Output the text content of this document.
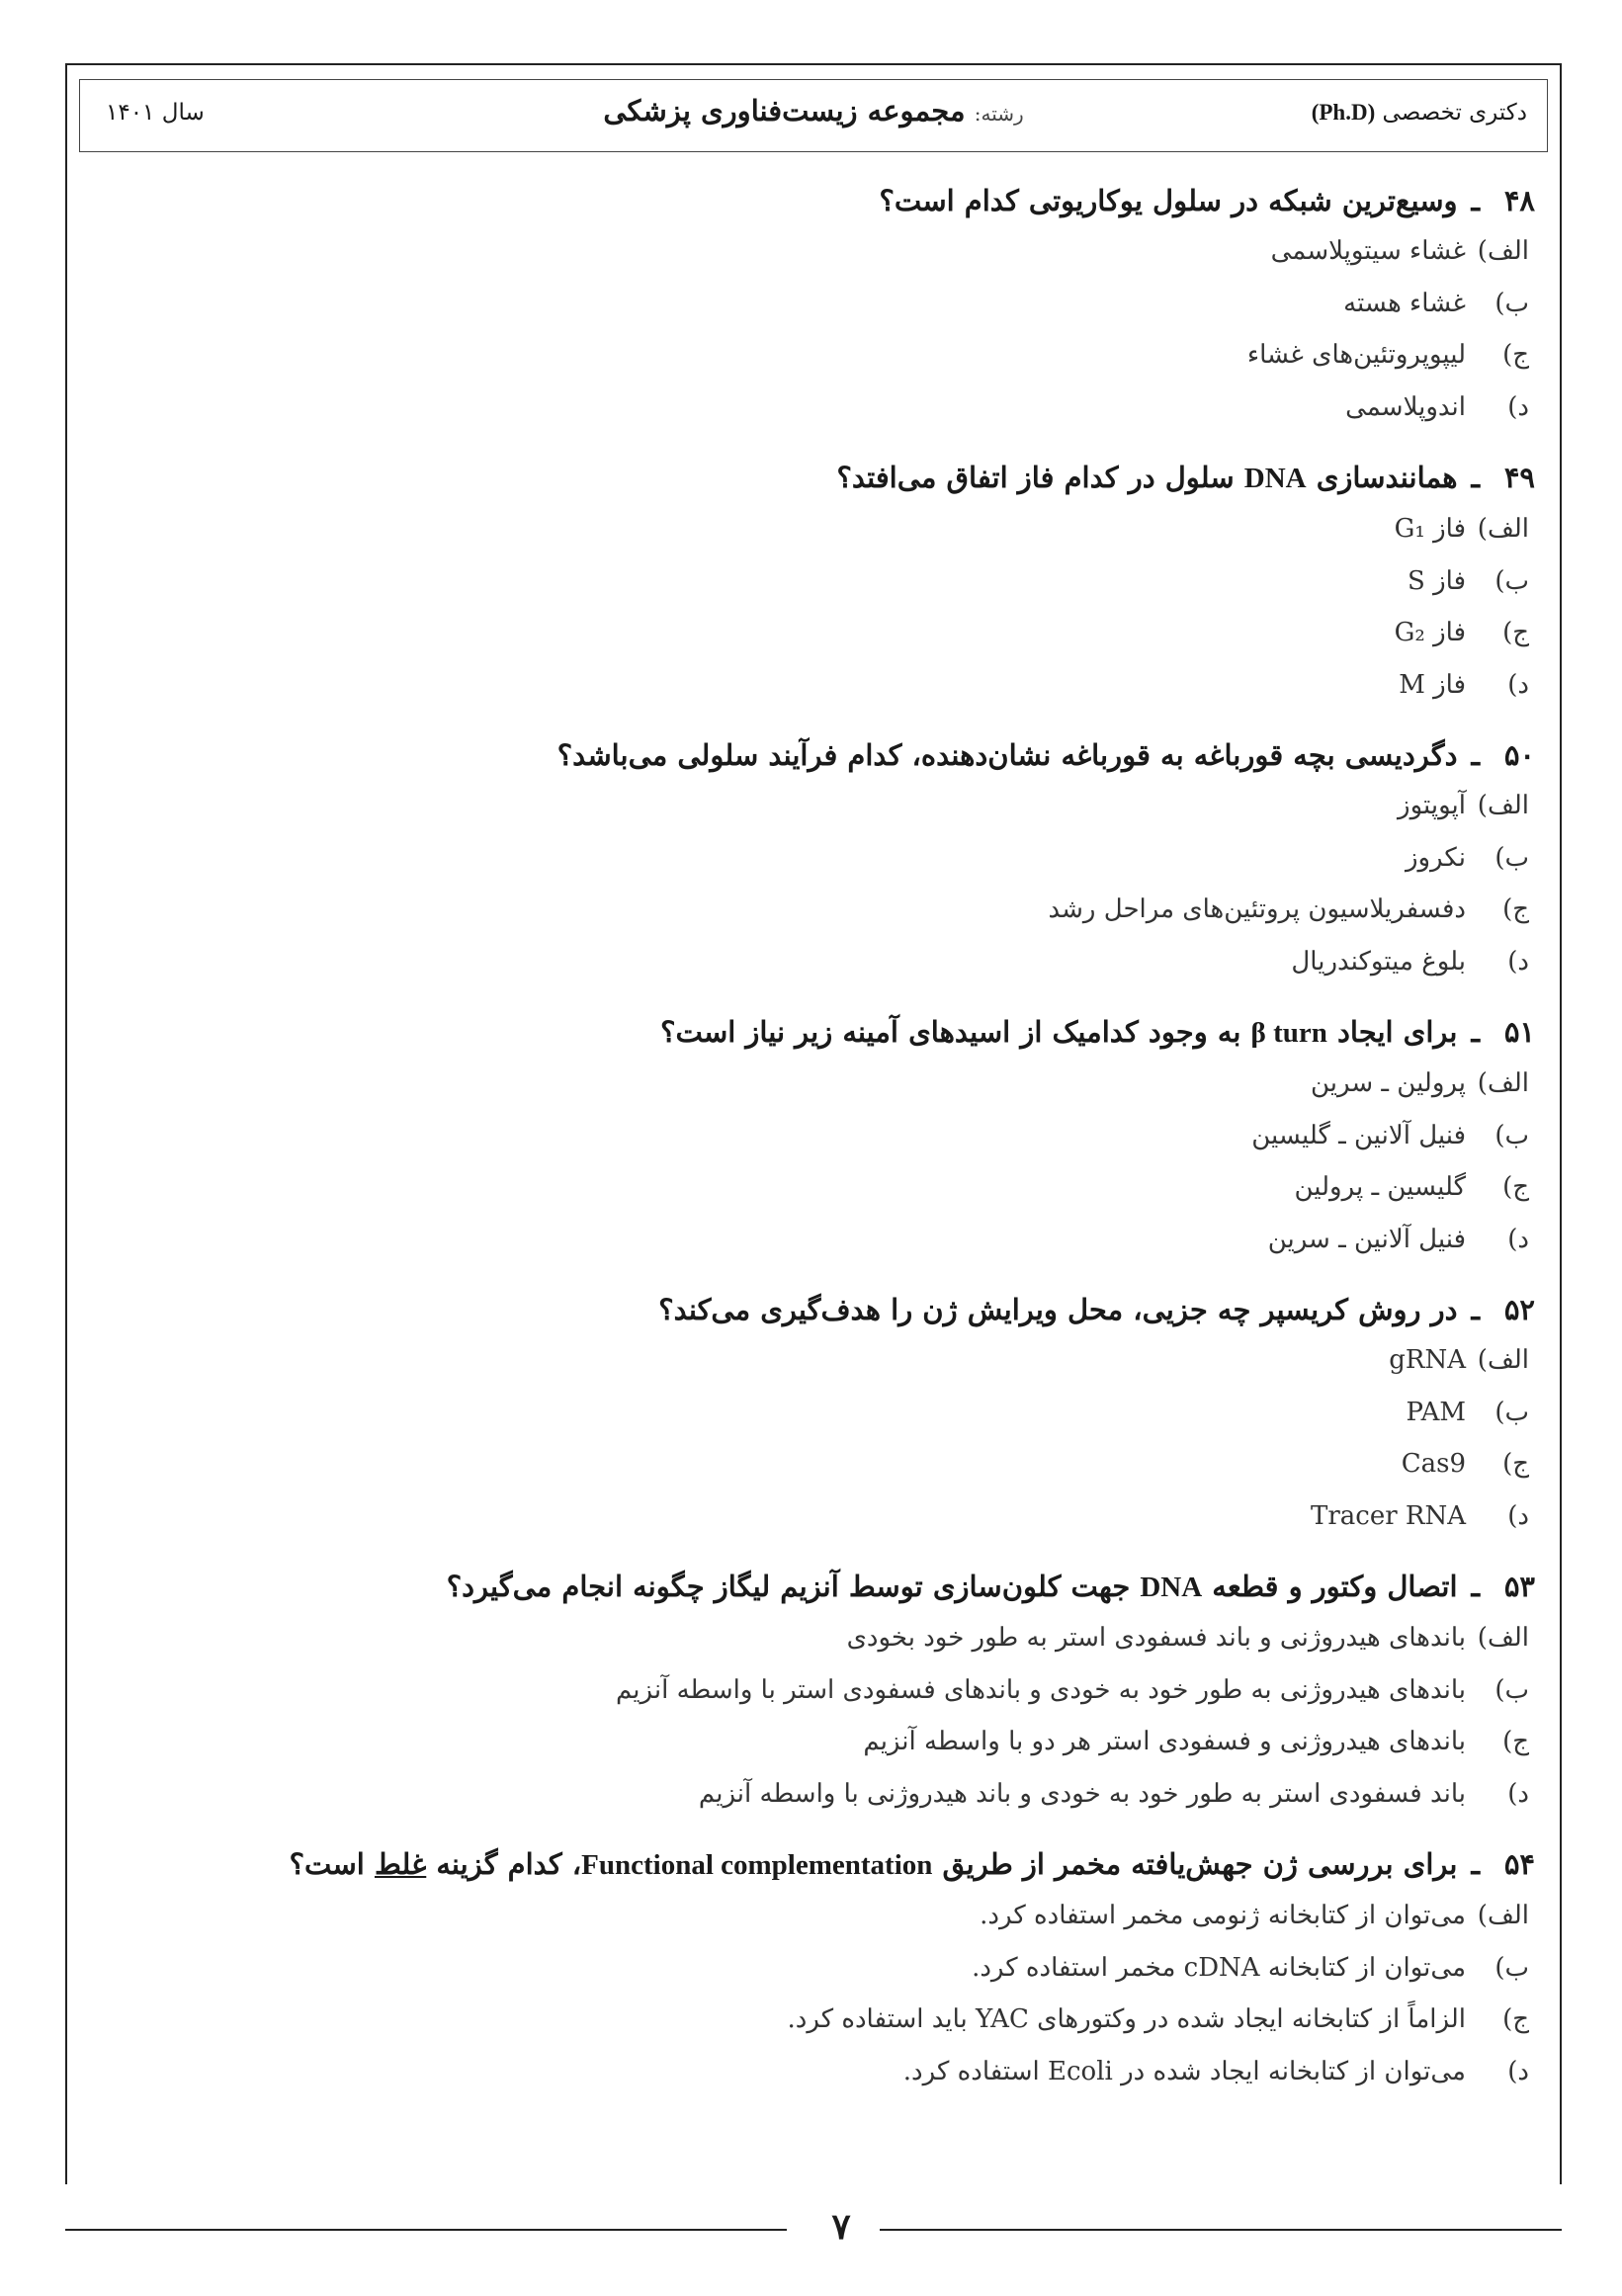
دکتری تخصصی (Ph.D)
رشته: مجموعه زیست‌فناوری پزشکی
سال ۱۴۰۱
۴۸ـوسیع‌ترین شبکه در سلول یوکاریوتی کدام است؟
الف)غشاء سیتوپلاسمی
ب)غشاء هسته
ج)لیپوپروتئین‌های غشاء
د)اندوپلاسمی
۴۹ـهمانندسازی DNA سلول در کدام فاز اتفاق می‌افتد؟
الف)فاز G₁
ب)فاز S
ج)فاز G₂
د)فاز M
۵۰ـدگردیسی بچه قورباغه به قورباغه نشان‌دهنده، کدام فرآیند سلولی می‌باشد؟
الف)آپوپتوز
ب)نکروز
ج)دفسفریلاسیون پروتئین‌های مراحل رشد
د)بلوغ میتوکندریال
۵۱ـبرای ایجاد β turn به وجود کدامیک از اسیدهای آمینه زیر نیاز است؟
الف)پرولین ـ سرین
ب)فنیل آلانین ـ گلیسین
ج)گلیسین ـ پرولین
د)فنیل آلانین ـ سرین
۵۲ـدر روش کریسپر چه جزیی، محل ویرایش ژن را هدف‌گیری می‌کند؟
الف)gRNA
ب)PAM
ج)Cas9
د)Tracer RNA
۵۳ـاتصال وکتور و قطعه DNA جهت کلون‌سازی توسط آنزیم لیگاز چگونه انجام می‌گیرد؟
الف)باندهای هیدروژنی و باند فسفودی استر به طور خود بخودی
ب)باندهای هیدروژنی به طور خود به خودی و باندهای فسفودی استر با واسطه آنزیم
ج)باندهای هیدروژنی و فسفودی استر هر دو با واسطه آنزیم
د)باند فسفودی استر به طور خود به خودی و باند هیدروژنی با واسطه آنزیم
۵۴ـبرای بررسی ژن جهش‌یافته مخمر از طریق Functional complementation، کدام گزینه غلط است؟
الف)می‌توان از کتابخانه ژنومی مخمر استفاده کرد.
ب)می‌توان از کتابخانه cDNA مخمر استفاده کرد.
ج)الزاماً از کتابخانه ایجاد شده در وکتورهای YAC باید استفاده کرد.
د)می‌توان از کتابخانه ایجاد شده در Ecoli استفاده کرد.
۷
